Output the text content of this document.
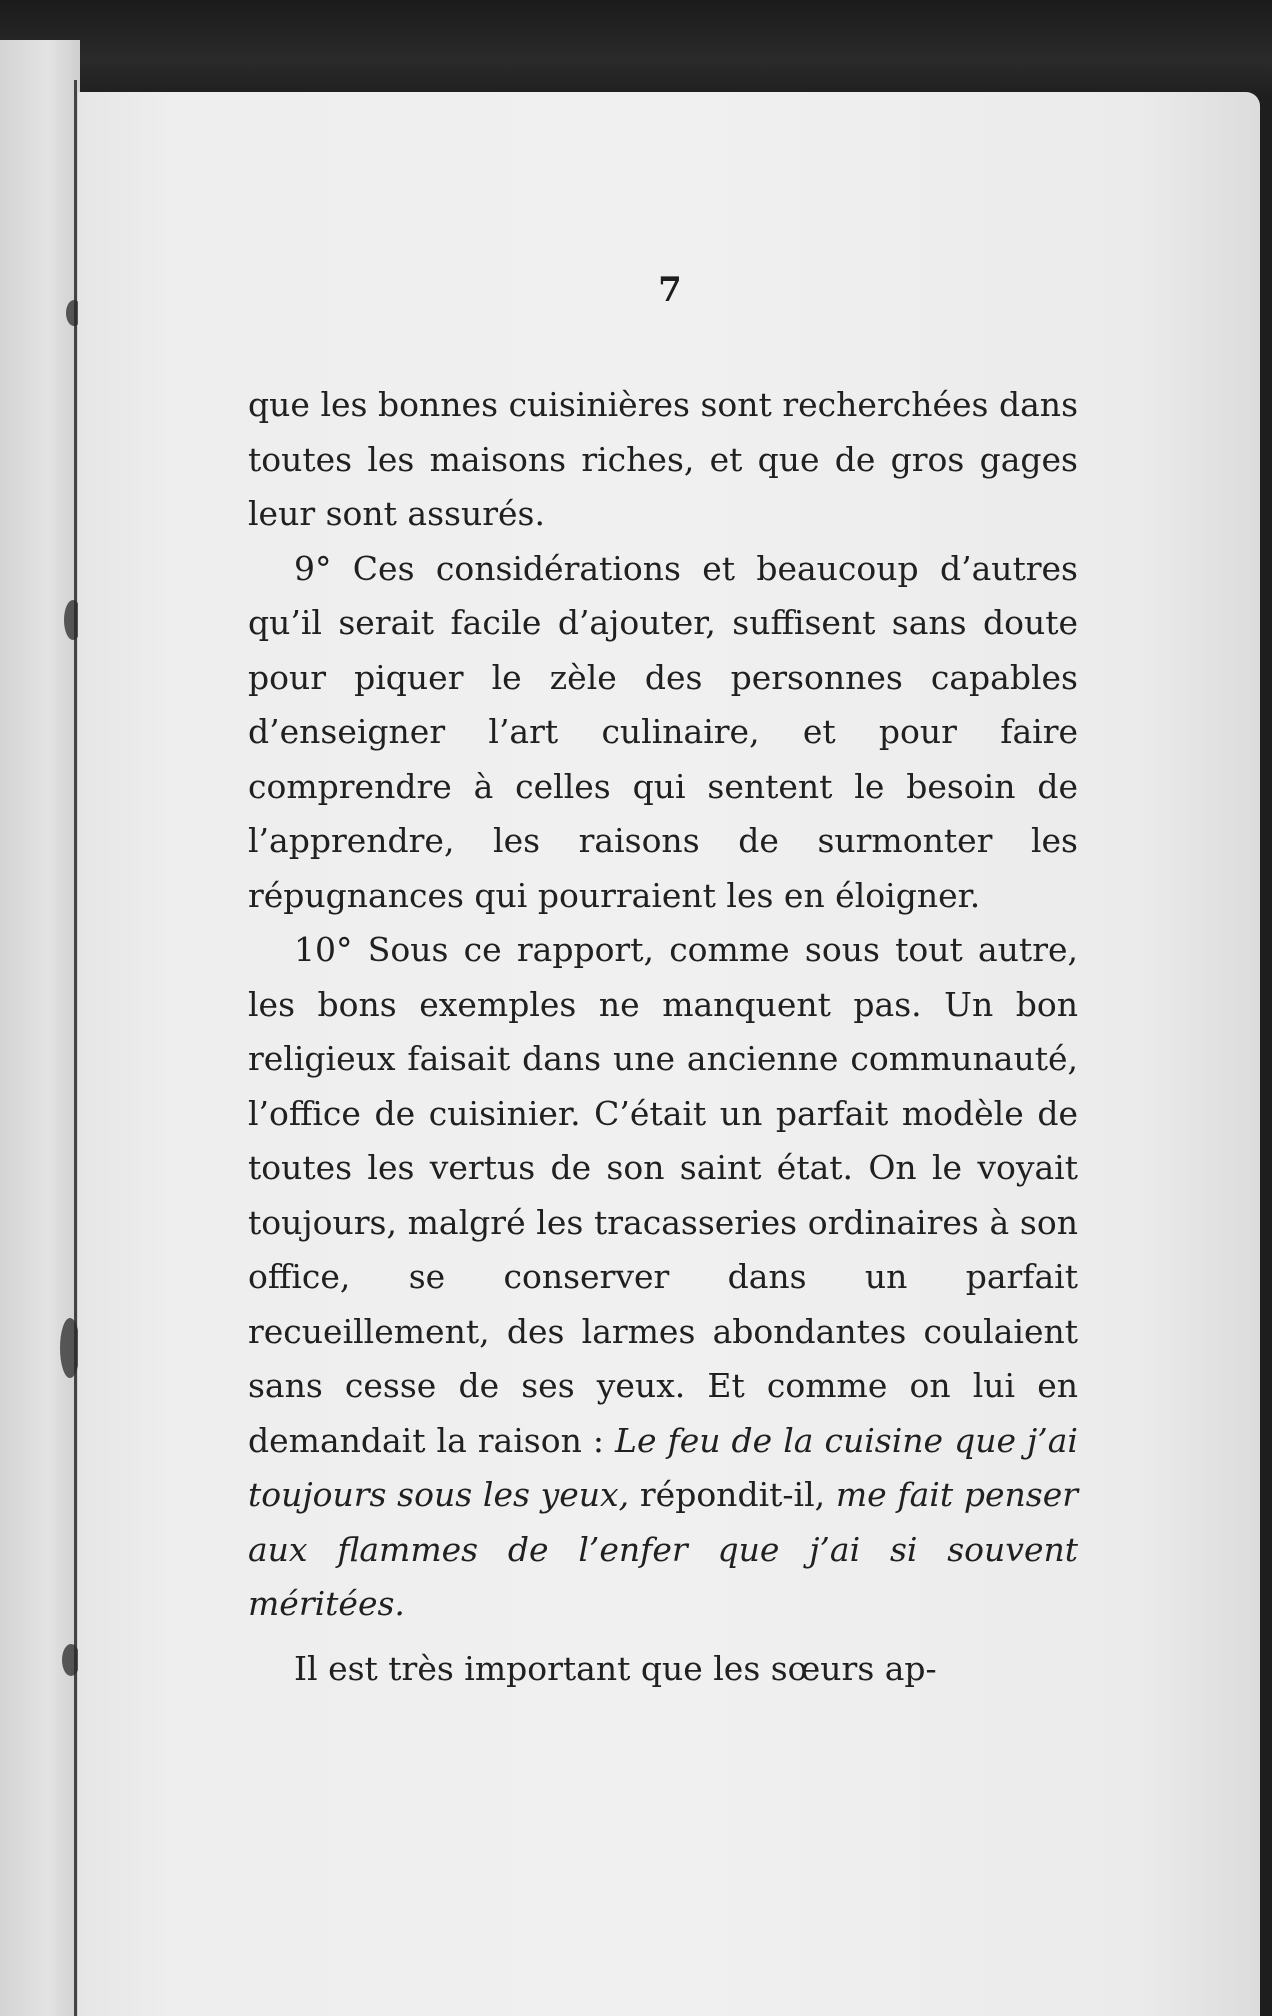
7

que les bonnes cuisinières sont recherchées dans toutes les maisons riches, et que de gros gages leur sont assurés.

9° Ces considérations et beaucoup d’autres qu’il serait facile d’ajouter, suffisent sans doute pour piquer le zèle des personnes capables d’enseigner l’art culinaire, et pour faire comprendre à celles qui sentent le besoin de l’apprendre, les raisons de surmonter les répugnances qui pourraient les en éloigner.

10° Sous ce rapport, comme sous tout autre, les bons exemples ne manquent pas. Un bon religieux faisait dans une ancienne communauté, l’office de cuisinier. C’était un parfait modèle de toutes les vertus de son saint état. On le voyait toujours, malgré les tracasseries ordinaires à son office, se conserver dans un parfait recueillement, des larmes abondantes coulaient sans cesse de ses yeux. Et comme on lui en demandait la raison : Le feu de la cuisine que j’ai toujours sous les yeux, répondit-il, me fait penser aux flammes de l’enfer que j’ai si souvent méritées.

Il est très important que les sœurs ap-
